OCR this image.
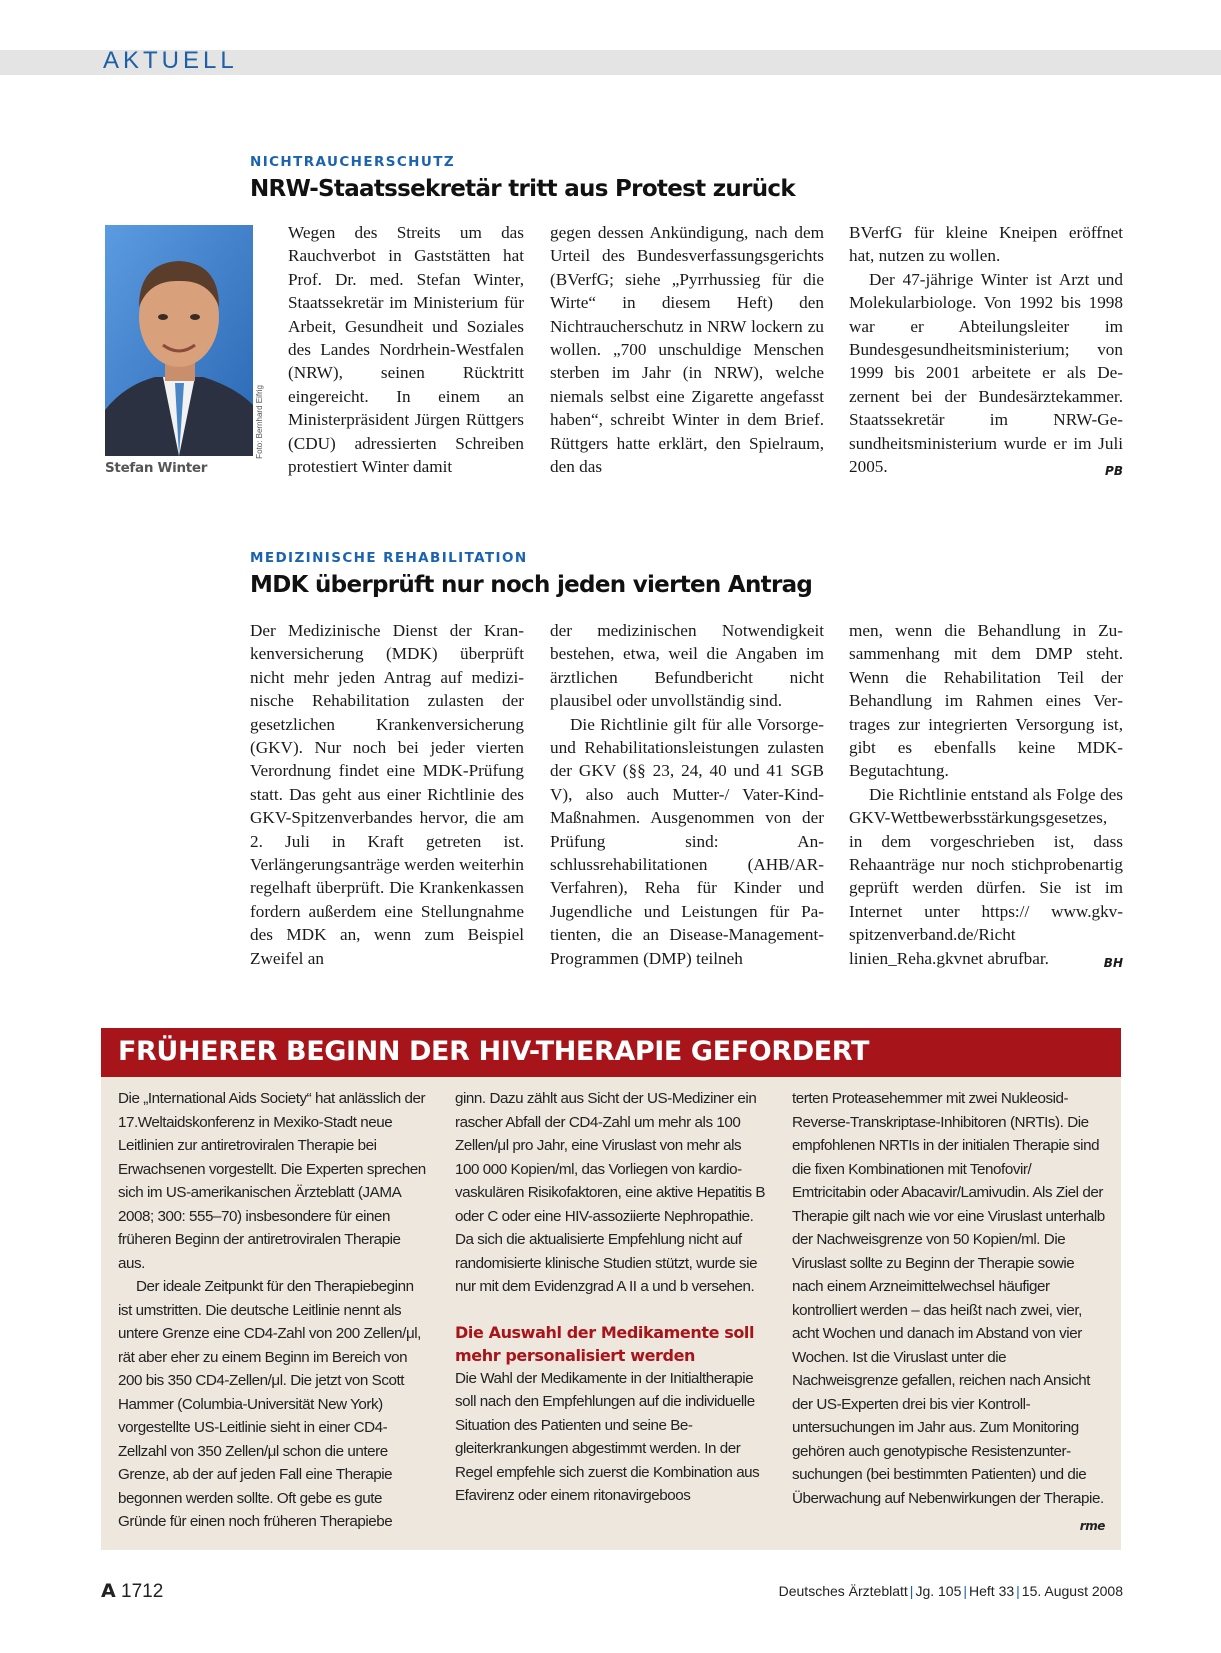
AKTUELL
NICHTRAUCHERSCHUTZ
NRW-Staatssekretär tritt aus Protest zurück
Foto: Bernhard Eifrig
Stefan Winter

Wegen des Streits um das Rauchverbot in Gaststätten hat Prof. Dr. med. Stefan Winter, Staatssekretär im Ministerium für Arbeit, Gesundheit und Soziales des Landes Nordrhein-Westfalen (NRW), seinen Rücktritt eingereicht. In einem an Ministerpräsident Jürgen Rüttgers (CDU) adressierten Schreiben protestiert Winter damit

gegen dessen Ankündigung, nach dem Urteil des Bundesverfassungsgerichts (BVerfG; siehe „Pyrrhussieg für die Wirte“ in diesem Heft) den Nichtraucherschutz in NRW lockern zu wollen. „700 unschuldige Menschen sterben im Jahr (in NRW), welche niemals selbst eine Zigarette angefasst haben“, schreibt Winter in dem Brief. Rüttgers hatte erklärt, den Spielraum, den das

BVerfG für kleine Kneipen eröffnet hat, nutzen zu wollen.

Der 47-jährige Winter ist Arzt und Molekularbiologe. Von 1992 bis 1998 war er Abteilungsleiter im Bundesgesundheitsministerium; von 1999 bis 2001 arbeitete er als Dezernent bei der Bundesärztekammer. Staatssekretär im NRW-Gesundheitsministerium wurde er im Juli 2005.	PB

MEDIZINISCHE REHABILITATION
MDK überprüft nur noch jeden vierten Antrag

Der Medizinische Dienst der Krankenversicherung (MDK) überprüft nicht mehr jeden Antrag auf medizinische Rehabilitation zulasten der gesetzlichen Krankenversicherung (GKV). Nur noch bei jeder vierten Verordnung findet eine MDK-Prüfung statt. Das geht aus einer Richtlinie des GKV-Spitzenverbandes hervor, die am 2. Juli in Kraft getreten ist. Verlängerungsanträge werden weiterhin regelhaft überprüft. Die Krankenkassen fordern außerdem eine Stellungnahme des MDK an, wenn zum Beispiel Zweifel an

der medizinischen Notwendigkeit bestehen, etwa, weil die Angaben im ärztlichen Befundbericht nicht plausibel oder unvollständig sind.

Die Richtlinie gilt für alle Vorsorge- und Rehabilitationsleistungen zulasten der GKV (§§ 23, 24, 40 und 41 SGB V), also auch Mutter-/ Vater-Kind-Maßnahmen. Ausgenommen von der Prüfung sind: Anschlussrehabilitationen (AHB/AR-Verfahren), Reha für Kinder und Jugendliche und Leistungen für Patienten, die an Disease-Management-Programmen (DMP) teilneh

men, wenn die Behandlung in Zusammenhang mit dem DMP steht. Wenn die Rehabilitation Teil der Behandlung im Rahmen eines Vertrages zur integrierten Versorgung ist, gibt es ebenfalls keine MDK-Begutachtung.

Die Richtlinie entstand als Folge des GKV-Wettbewerbsstärkungsgesetzes, in dem vorgeschrieben ist, dass Rehaanträge nur noch stichprobenartig geprüft werden dürfen. Sie ist im Internet unter https:// www.gkv-spitzenverband.de/Richt linien_Reha.gkvnet abrufbar.	BH

FRÜHERER BEGINN DER HIV-THERAPIE GEFORDERT

Die „International Aids Society“ hat anlässlich der 17.Weltaidskonferenz in Mexiko-Stadt neue Leitlinien zur antiretroviralen Therapie bei Erwachsenen vorgestellt. Die Experten sprechen sich im US-amerikanischen Ärzteblatt (JAMA 2008; 300: 555–70) insbesondere für einen früheren Beginn der antiretroviralen Therapie aus.

Der ideale Zeitpunkt für den Therapiebeginn ist umstritten. Die deutsche Leitlinie nennt als untere Grenze eine CD4-Zahl von 200 Zellen/μl, rät aber eher zu einem Beginn im Bereich von 200 bis 350 CD4-Zellen/μl. Die jetzt von Scott Hammer (Columbia-Universität New York) vorgestellte US-Leitlinie sieht in einer CD4-Zellzahl von 350 Zellen/μl schon die untere Grenze, ab der auf jeden Fall eine Therapie begonnen werden sollte. Oft gebe es gute Gründe für einen noch früheren Therapiebe

ginn. Dazu zählt aus Sicht der US-Mediziner ein rascher Abfall der CD4-Zahl um mehr als 100 Zellen/μl pro Jahr, eine Viruslast von mehr als 100 000 Kopien/ml, das Vorliegen von kardiovaskulären Risikofaktoren, eine aktive Hepatitis B oder C oder eine HIV-assoziierte Nephropathie. Da sich die aktualisierte Empfehlung nicht auf randomisierte klinische Studien stützt, wurde sie nur mit dem Evidenzgrad A II a und b versehen.

Die Auswahl der Medikamente soll mehr personalisiert werden

Die Wahl der Medikamente in der Initialtherapie soll nach den Empfehlungen auf die individuelle Situation des Patienten und seine Begleiterkrankungen abgestimmt werden. In der Regel empfehle sich zuerst die Kombination aus Efavirenz oder einem ritonavirgeboos

terten Proteasehemmer mit zwei Nukleosid-Reverse-Transkriptase-Inhibitoren (NRTIs). Die empfohlenen NRTIs in der initialen Therapie sind die fixen Kombinationen mit Tenofovir/ Emtricitabin oder Abacavir/Lamivudin. Als Ziel der Therapie gilt nach wie vor eine Viruslast unterhalb der Nachweisgrenze von 50 Kopien/ml. Die Viruslast sollte zu Beginn der Therapie sowie nach einem Arzneimittelwechsel häufiger kontrolliert werden – das heißt nach zwei, vier, acht Wochen und danach im Abstand von vier Wochen. Ist die Viruslast unter die Nachweisgrenze gefallen, reichen nach Ansicht der US-Experten drei bis vier Kontrolluntersuchungen im Jahr aus. Zum Monitoring gehören auch genotypische Resistenzuntersuchungen (bei bestimmten Patienten) und die Überwachung auf Nebenwirkungen der Therapie.
rme

A 1712	Deutsches Ärzteblatt | Jg. 105 | Heft 33 | 15. August 2008
